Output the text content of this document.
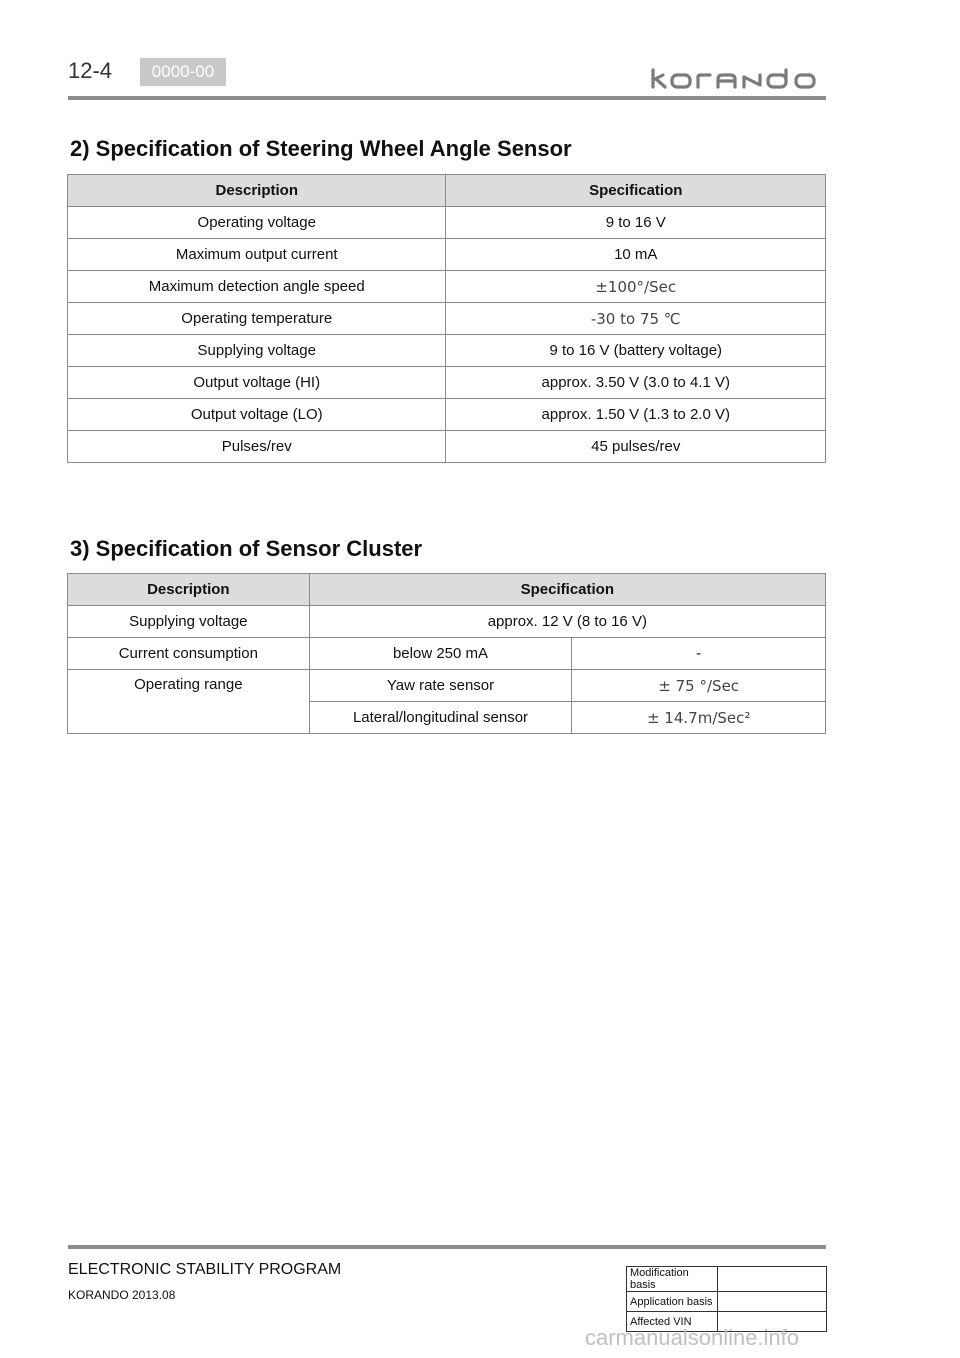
12-4	0000-00
2) Specification of Steering Wheel Angle Sensor
Description	Specification
Operating voltage	9 to 16 V
Maximum output current	10 mA
Maximum detection angle speed	±100°/Sec
Operating temperature	-30 to 75 ℃
Supplying voltage	9 to 16 V (battery voltage)
Output voltage (HI)	approx. 3.50 V (3.0 to 4.1 V)
Output voltage (LO)	approx. 1.50 V (1.3 to 2.0 V)
Pulses/rev	45 pulses/rev
3) Specification of Sensor Cluster
Description	Specification	
Supplying voltage	approx. 12 V (8 to 16 V)	
Current consumption	below 250 mA	-
Operating range	Yaw rate sensor	± 75 °/Sec
	Lateral/longitudinal sensor	± 14.7m/Sec²
ELECTRONIC STABILITY PROGRAM
KORANDO 2013.08
Modification basis	
Application basis	
Affected VIN	
carmanualsonline.info
